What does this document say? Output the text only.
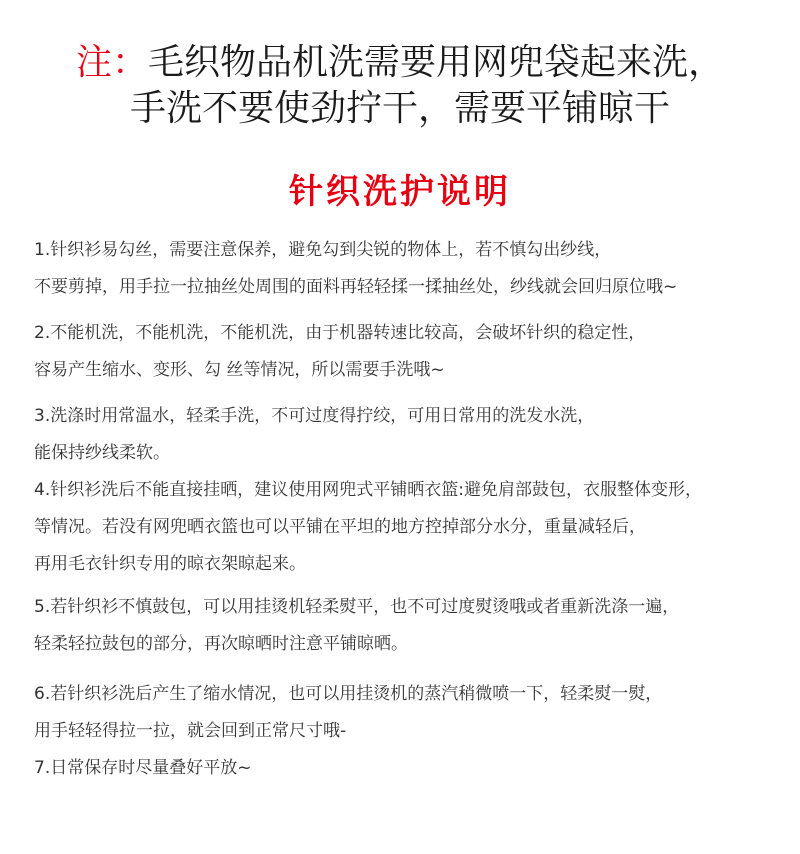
注：毛织物品机洗需要用网兜袋起来洗，
手洗不要使劲拧干，需要平铺晾干
针织洗护说明
1.针织衫易勾丝，需要注意保养，避免勾到尖锐的物体上，若不慎勾出纱线，
不要剪掉，用手拉一拉抽丝处周围的面料再轻轻揉一揉抽丝处，纱线就会回归原位哦~
2.不能机洗，不能机洗，不能机洗，由于机器转速比较高，会破坏针织的稳定性，
容易产生缩水、变形、勾 丝等情况，所以需要手洗哦~
3.洗涤时用常温水，轻柔手洗，不可过度得拧绞，可用日常用的洗发水洗，
能保持纱线柔软。
4.针织衫洗后不能直接挂晒，建议使用网兜式平铺晒衣篮:避免肩部鼓包，衣服整体变形，
等情况。若没有网兜晒衣篮也可以平铺在平坦的地方控掉部分水分，重量减轻后，
再用毛衣针织专用的晾衣架晾起来。
5.若针织衫不慎鼓包，可以用挂烫机轻柔熨平，也不可过度熨烫哦或者重新洗涤一遍，
轻柔轻拉鼓包的部分，再次晾晒时注意平铺晾晒。
6.若针织衫洗后产生了缩水情况，也可以用挂烫机的蒸汽稍微喷一下，轻柔熨一熨，
用手轻轻得拉一拉，就会回到正常尺寸哦-
7.日常保存时尽量叠好平放~
